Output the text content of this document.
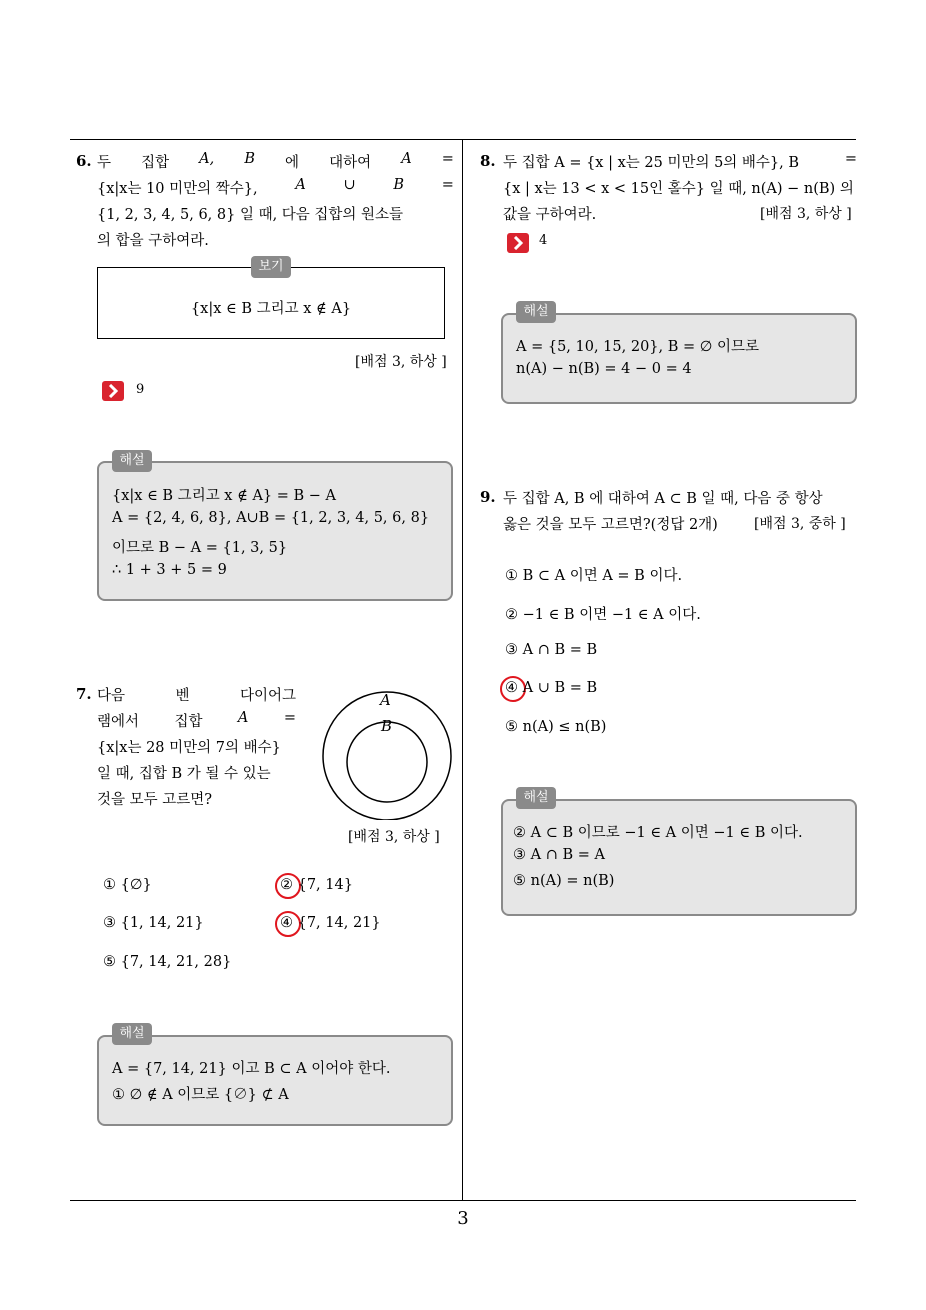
6. 두 집합 A, B 에 대하여 A =
{x|x는 10 미만의 짝수},	A	∪	B	=
{1, 2, 3, 4, 5, 6, 8} 일 때, 다음 집합의 원소들
의 합을 구하여라.
보기
{x|x ∈ B 그리고 x ∉ A}
[배점 3, 하상 ]
9
해설
{x|x ∈ B 그리고 x ∉ A} = B − A
A = {2, 4, 6, 8}, A∪B = {1, 2, 3, 4, 5, 6, 8}
이므로 B − A = {1, 3, 5}
∴ 1 + 3 + 5 = 9
7. 다음	벤	다이어그
램에서 집합 A =
{x|x는 28 미만의 7의 배수}
일 때, 집합 B 가 될 수 있는
것을 모두 고르면?
A
B
[배점 3, 하상 ]
① {∅}	② {7, 14}
③ {1, 14, 21}	④ {7, 14, 21}
⑤ {7, 14, 21, 28}
해설
A = {7, 14, 21} 이고 B ⊂ A 이어야 한다.
① ∅ ∉ A 이므로 {∅} ⊄ A
8. 두 집합 A = {x | x는 25 미만의 5의 배수}, B	=
{x | x는 13 < x < 15인 홀수} 일 때, n(A) − n(B) 의
값을 구하여라.	[배점 3, 하상 ]
4
해설
A = {5, 10, 15, 20}, B = ∅ 이므로
n(A) − n(B) = 4 − 0 = 4
9. 두 집합 A, B 에 대하여 A ⊂ B 일 때, 다음 중 항상
옳은 것을 모두 고르면?(정답 2개)	[배점 3, 중하 ]
① B ⊂ A 이면 A = B 이다.
② −1 ∈ B 이면 −1 ∈ A 이다.
③ A ∩ B = B
④ A ∪ B = B
⑤ n(A) ≤ n(B)
해설
② A ⊂ B 이므로 −1 ∈ A 이면 −1 ∈ B 이다.
③ A ∩ B = A
⑤ n(A) = n(B)
3
